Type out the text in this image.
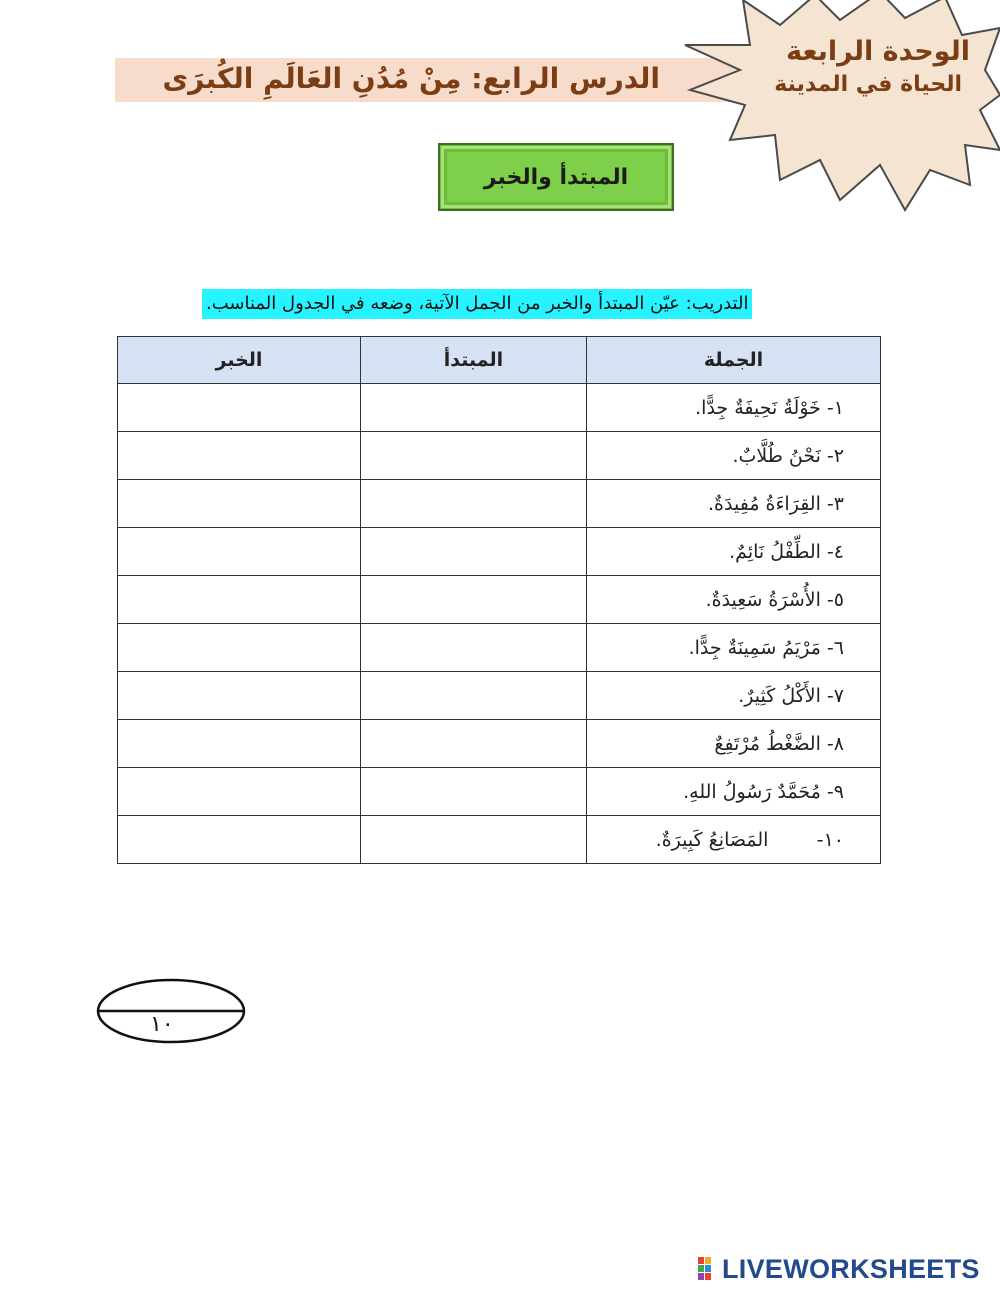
الدرس الرابع: مِنْ مُدُنِ العَالَمِ الكُبرَى
الوحدة الرابعة
الحياة في المدينة
المبتدأ والخبر
التدريب: عيّن المبتدأ والخبر من الجمل الآتية، وضعه في الجدول المناسب.
الجملة	المبتدأ	الخبر
١- خَوْلَةُ نَحِيفَةٌ جِدًّا.		
٢- نَحْنُ طُلَّابٌ.		
٣- القِرَاءَةُ مُفِيدَةٌ.		
٤- الطِّفْلُ نَائِمٌ.		
٥- الأُسْرَةُ سَعِيدَةٌ.		
٦- مَرْيَمُ سَمِينَةٌ جِدًّا.		
٧- الأَكْلُ كَثِيرٌ.		
٨- الضَّغْطُ مُرْتَفِعٌ		
٩- مُحَمَّدٌ رَسُولُ اللهِ.		
١٠-        المَصَانِعُ كَبِيرَةٌ.		
١٠
LIVEWORKSHEETS
